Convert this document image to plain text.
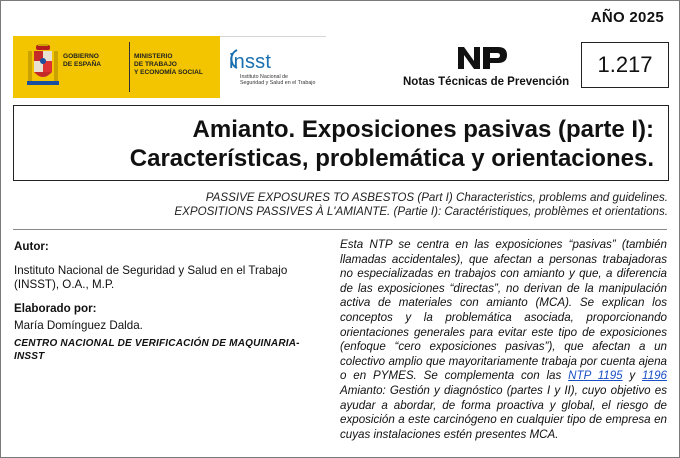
AÑO 2025
GOBIERNO
DE ESPAÑA
MINISTERIO
DE TRABAJO
Y ECONOMÍA SOCIAL insst
Instituto Nacional de
Seguridad y Salud en el Trabajo	Notas Técnicas de Prevención
1.217
Amianto. Exposiciones pasivas (parte I):
Características, problemática y orientaciones.
PASSIVE EXPOSURES TO ASBESTOS (Part I) Characteristics, problems and guidelines.
EXPOSITIONS PASSIVES À L'AMIANTE. (Partie I): Caractéristiques, problèmes et orientations.

Autor:

Instituto Nacional de Seguridad y Salud en el Trabajo

(INSST), O.A., M.P.

Elaborado por:

María Domínguez Dalda.

CENTRO NACIONAL DE VERIFICACIÓN DE MAQUINARIA-

INSST

Esta NTP se centra en las exposiciones “pasivas” (también llamadas accidentales), que afectan a personas trabajadoras no especializadas en trabajos con amianto y que, a diferencia de las exposiciones “directas”, no derivan de la manipulación activa de materiales con amianto (MCA). Se explican los conceptos y la problemática asociada, proporcionando orientaciones generales para evitar este tipo de exposiciones (enfoque “cero exposiciones pasivas”), que afectan a un colectivo amplio que mayoritariamente trabaja por cuenta ajena o en PYMES. Se complementa con las NTP 1195 y 1196 Amianto: Gestión y diagnóstico (partes I y II), cuyo objetivo es ayudar a abordar, de forma proactiva y global, el riesgo de exposición a este carcinógeno en cualquier tipo de empresa en cuyas instalaciones estén presentes MCA.
